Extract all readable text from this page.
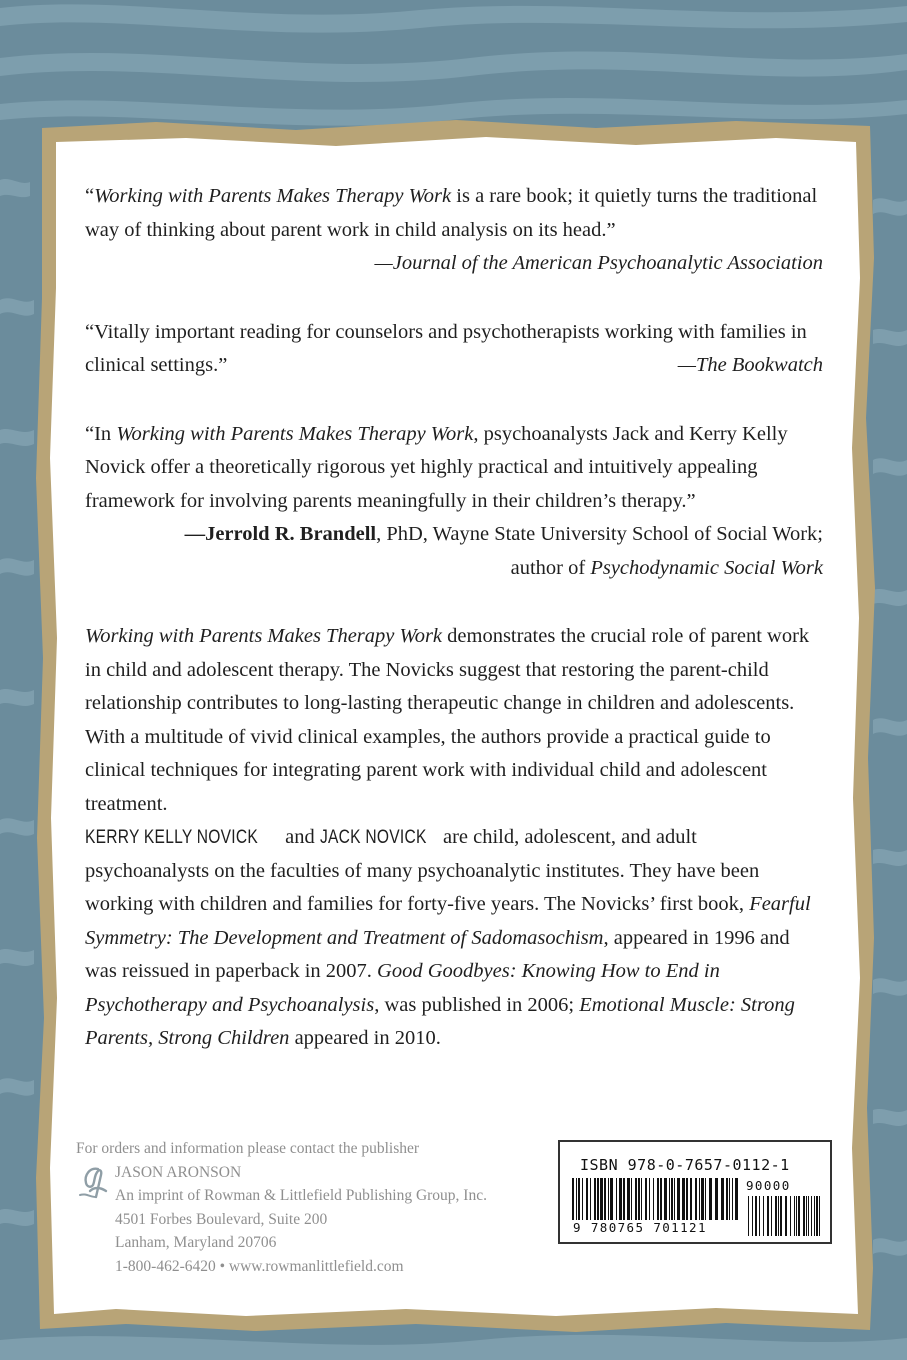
“Working with Parents Makes Therapy Work is a rare book; it quietly turns the traditional way of thinking about parent work in child analysis on its head.”

—Journal of the American Psychoanalytic Association

“Vitally important reading for counselors and psychotherapists working with families in clinical settings.”	—The Bookwatch

“In Working with Parents Makes Therapy Work, psychoanalysts Jack and Kerry Kelly Novick offer a theoretically rigorous yet highly practical and intuitively appealing framework for involving parents meaningfully in their children’s therapy.”

—Jerrold R. Brandell, PhD, Wayne State University School of Social Work;

author of Psychodynamic Social Work

Working with Parents Makes Therapy Work demonstrates the crucial role of parent work in child and adolescent therapy. The Novicks suggest that restoring the parent-child relationship contributes to long-lasting therapeutic change in children and adolescents. With a multitude of vivid clinical examples, the authors provide a practical guide to clinical techniques for integrating parent work with individual child and adolescent treatment.

KERRY KELLY NOVICK and JACK NOVICK are child, adolescent, and adult psychoanalysts on the faculties of many psychoanalytic institutes. They have been working with children and families for forty-five years. The Novicks’ first book, Fearful Symmetry: The Development and Treatment of Sadomasochism, appeared in 1996 and was reissued in paperback in 2007. Good Goodbyes: Knowing How to End in Psychotherapy and Psychoanalysis, was published in 2006; Emotional Muscle: Strong Parents, Strong Children appeared in 2010.

For orders and information please contact the publisher
JASON ARONSON
An imprint of Rowman & Littlefield Publishing Group, Inc.
4501 Forbes Boulevard, Suite 200
Lanham, Maryland 20706
1-800-462-6420 • www.rowmanlittlefield.com
ISBN 978-0-7657-0112-1
9 780765 701121
90000
